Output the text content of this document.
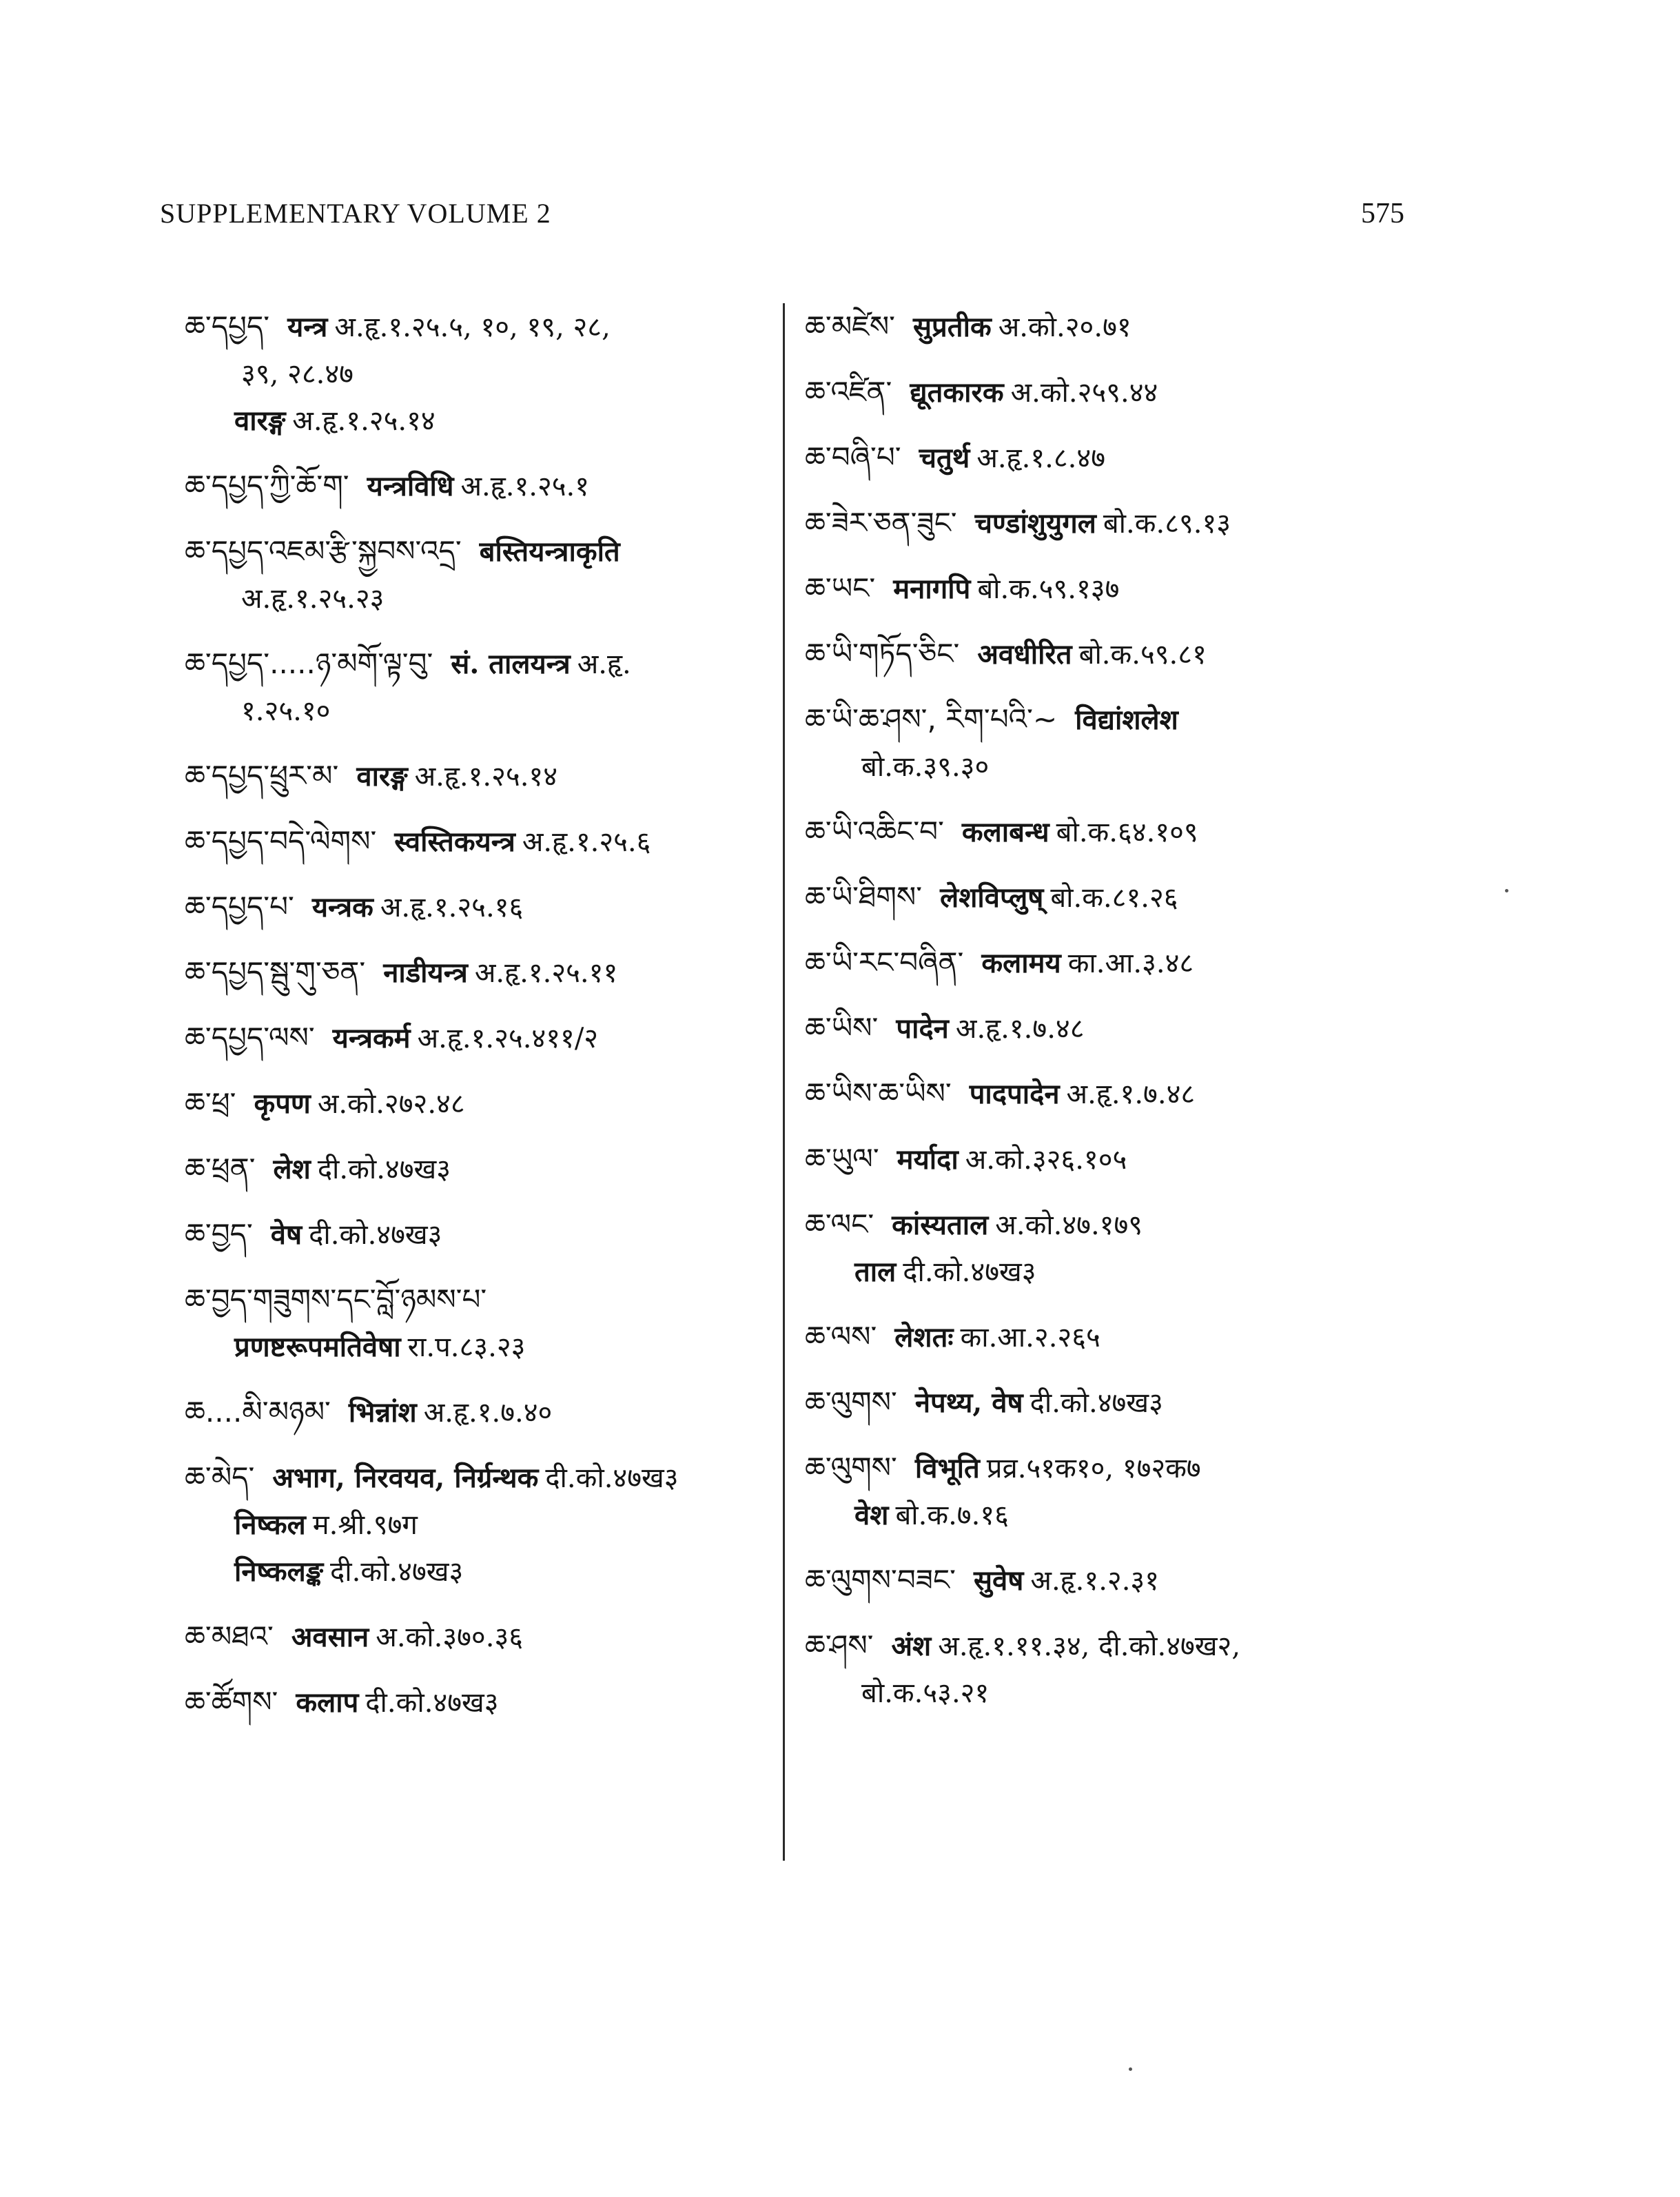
SUPPLEMENTARY VOLUME 2	575
ཆ་དཔྱད་ यन्त्र अ.हृ.१.२५.५, १०, १९, २८,
३९, २८.४७
वारङ्ग अ.हृ.१.२५.१४
ཆ་དཔྱད་ཀྱི་ཆོ་ག་ यन्त्रविधि अ.हृ.१.२५.१
ཆ་དཔྱད་འཇམ་རྩི་སྐྱབས་འདྲ་ बस्तियन्त्राकृति
अ.हृ.१.२५.२३
ཆ་དཔྱད་.....ཉ་མགོ་ལྟ་བུ་ सं. तालयन्त्र अ.हृ.
१.२५.१०
ཆ་དཔྱད་ཕྲུར་མ་ वारङ्ग अ.हृ.१.२५.१४
ཆ་དཔྱད་བདེ་ལེགས་ स्वस्तिकयन्त्र अ.हृ.१.२५.६
ཆ་དཔྱད་པ་ यन्त्रक अ.हृ.१.२५.१६
ཆ་དཔྱད་སྦུ་གུ་ཅན་ नाडीयन्त्र अ.हृ.१.२५.११
ཆ་དཔྱད་ལས་ यन्त्रकर्म अ.हृ.१.२५.४११/२
ཆ་ཕྲ་ कृपण अ.को.२७२.४८
ཆ་ཕྲན་ लेश दी.को.४७ख३
ཆ་བྱད་ वेष दी.को.४७ख३
ཆ་བྱད་གཟུགས་དང་བློ་ཉམས་པ་
प्रणष्टरूपमतिवेषा रा.प.८३.२३
ཆ....མི་མཉམ་ भिन्नांश अ.हृ.१.७.४०
ཆ་མེད་ अभाग, निरवयव, निर्ग्रन्थक दी.को.४७ख३
निष्कल म.श्री.९७ग
निष्कलङ्क दी.को.४७ख३
ཆ་མཐའ་ अवसान अ.को.३७०.३६
ཆ་ཚོགས་ कलाप दी.को.४७ख३
ཆ་མཛེས་ सुप्रतीक अ.को.२०.७१
ཆ་འཛིན་ द्यूतकारक अ.को.२५९.४४
ཆ་བཞི་པ་ चतुर्थ अ.हृ.१.८.४७
ཆ་ཟེར་ཅན་ཟུང་ चण्डांशुयुगल बो.क.८९.१३
ཆ་ཡང་ मनागपि बो.क.५९.१३७
ཆ་ཡི་གཏོད་ཅིང་ अवधीरित बो.क.५९.८१
ཆ་ཡི་ཆ་ཤས་, རིག་པའི་~ विद्यांशलेश
बो.क.३९.३०
ཆ་ཡི་འཆིང་བ་ कलाबन्ध बो.क.६४.१०९
ཆ་ཡི་ཐིགས་ लेशविप्लुष् बो.क.८१.२६
ཆ་ཡི་རང་བཞིན་ कलामय का.आ.३.४८
ཆ་ཡིས་ पादेन अ.हृ.१.७.४८
ཆ་ཡིས་ཆ་ཡིས་ पादपादेन अ.हृ.१.७.४८
ཆ་ཡུལ་ मर्यादा अ.को.३२६.१०५
ཆ་ལང་ कांस्यताल अ.को.४७.१७९
ताल दी.को.४७ख३
ཆ་ལས་ लेशतः का.आ.२.२६५
ཆ་ལུགས་ नेपथ्य, वेष दी.को.४७ख३
ཆ་ལུགས་ विभूति प्रव्र.५१क१०, १७२क७
वेश बो.क.७.१६
ཆ་ལུགས་བཟང་ सुवेष अ.हृ.१.२.३१
ཆ་ཤས་ अंश अ.हृ.१.११.३४, दी.को.४७ख२,
बो.क.५३.२१
